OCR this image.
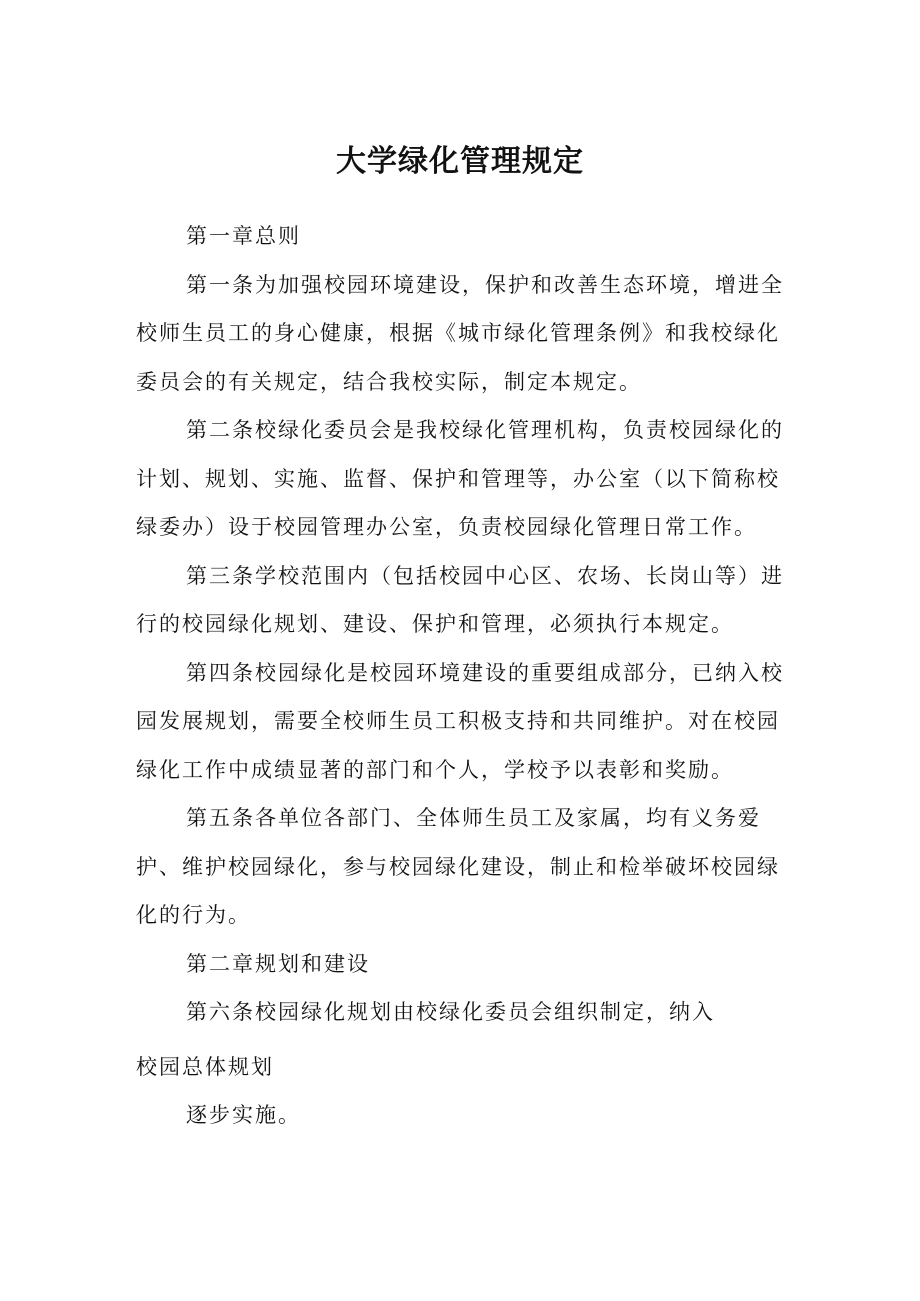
大学绿化管理规定

第一章总则

第一条为加强校园环境建设，保护和改善生态环境，增进全校师生员工的身心健康，根据《城市绿化管理条例》和我校绿化委员会的有关规定，结合我校实际，制定本规定。

第二条校绿化委员会是我校绿化管理机构，负责校园绿化的计划、规划、实施、监督、保护和管理等，办公室（以下简称校绿委办）设于校园管理办公室，负责校园绿化管理日常工作。

第三条学校范围内（包括校园中心区、农场、长岗山等）进行的校园绿化规划、建设、保护和管理，必须执行本规定。

第四条校园绿化是校园环境建设的重要组成部分，已纳入校园发展规划，需要全校师生员工积极支持和共同维护。对在校园绿化工作中成绩显著的部门和个人，学校予以表彰和奖励。

第五条各单位各部门、全体师生员工及家属，均有义务爱护、维护校园绿化，参与校园绿化建设，制止和检举破坏校园绿化的行为。

第二章规划和建设

第六条校园绿化规划由校绿化委员会组织制定，纳入

校园总体规划

逐步实施。
